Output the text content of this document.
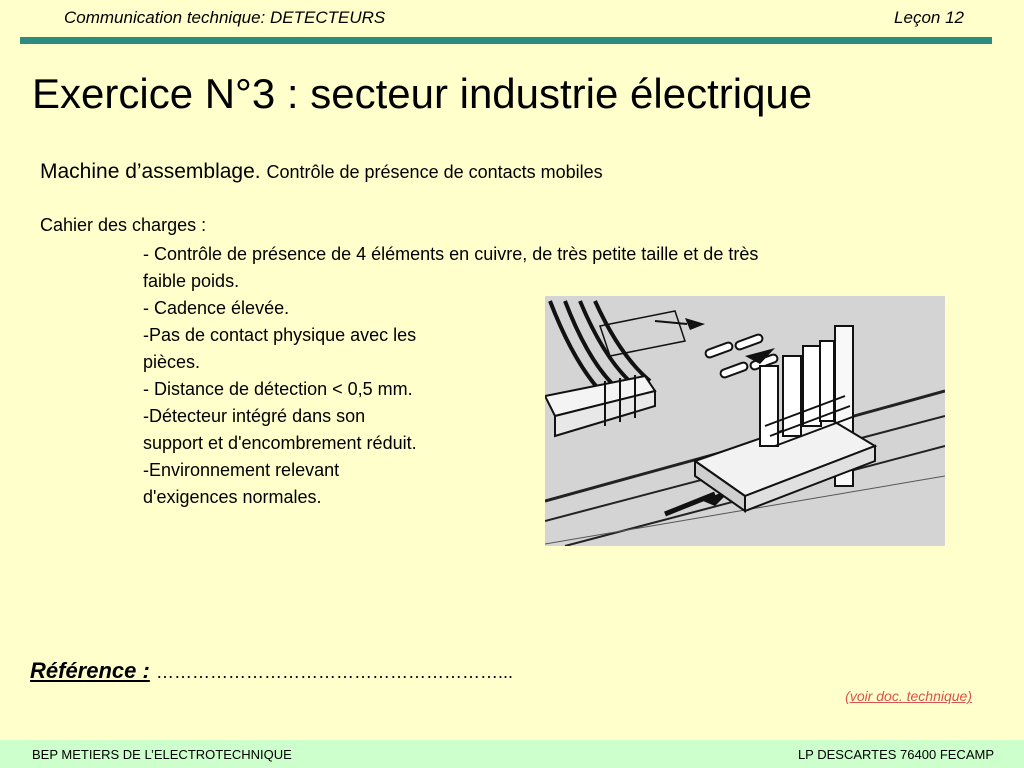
Communication technique: DETECTEURS	Leçon 12
Exercice N°3 : secteur industrie électrique
Machine d’assemblage. Contrôle de présence de contacts mobiles
Cahier des charges :
- Contrôle de présence de 4 éléments en cuivre, de très petite taille et de très
faible poids.
- Cadence élevée.
-Pas de contact physique avec les
pièces.
- Distance de détection < 0,5 mm.
-Détecteur intégré dans son
support et d'encombrement réduit.
-Environnement relevant
d'exigences normales.
Référence : …………………………………………………...
(voir doc. technique)
BEP METIERS DE L’ELECTROTECHNIQUE	LP DESCARTES 76400 FECAMP
